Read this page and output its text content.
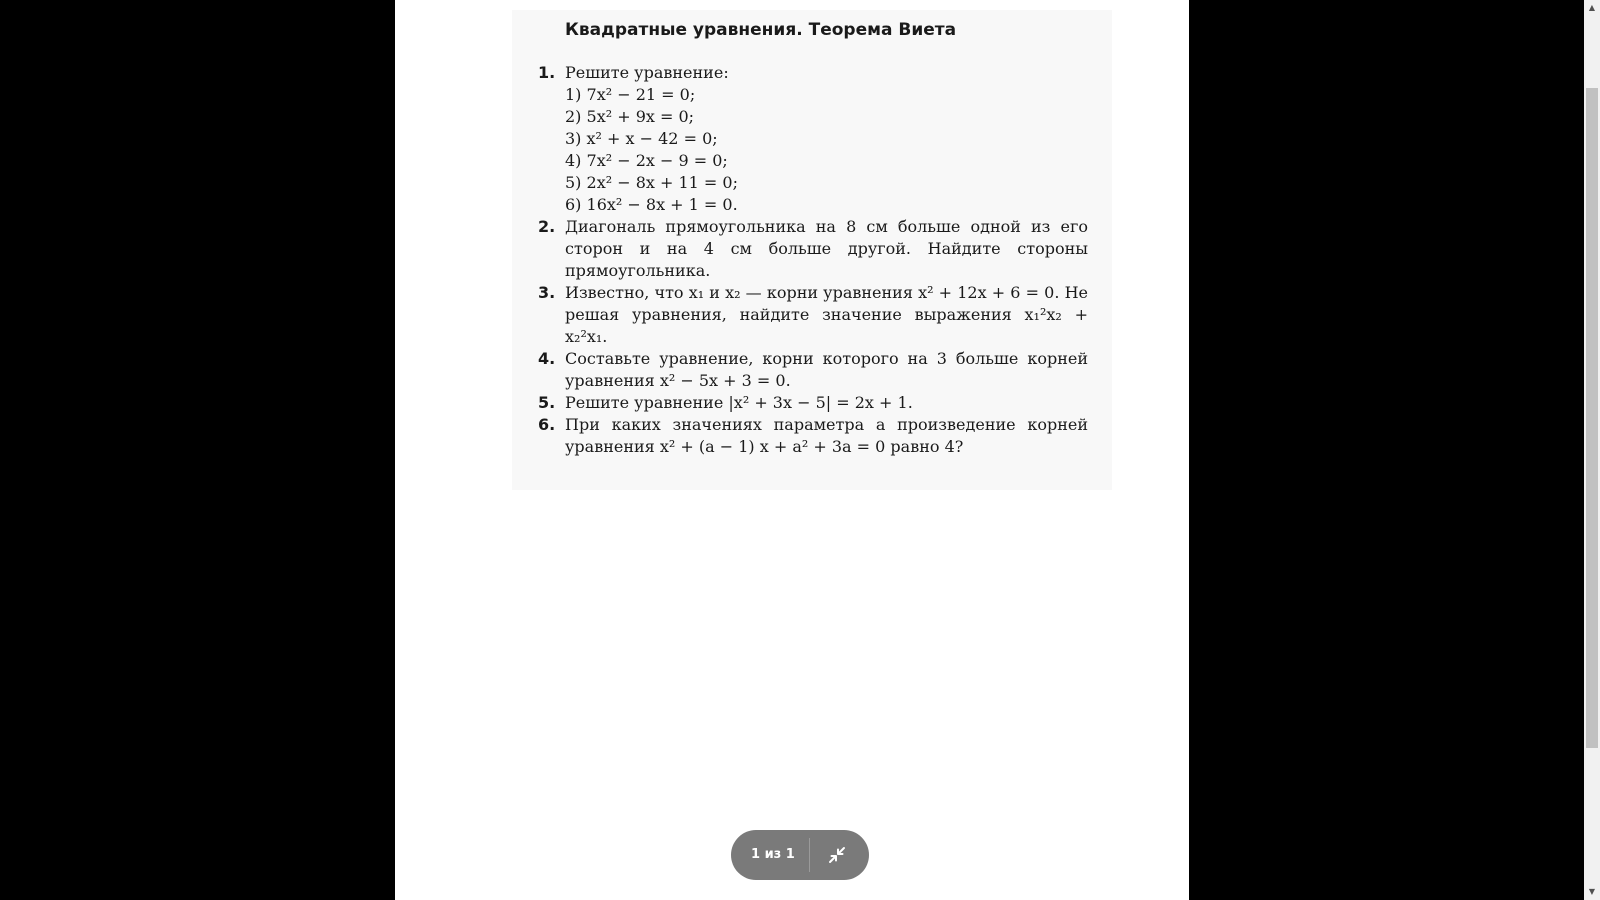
Квадратные уравнения. Теорема Виета
1. Решите уравнение:
1) 7x² − 21 = 0;
2) 5x² + 9x = 0;
3) x² + x − 42 = 0;
4) 7x² − 2x − 9 = 0;
5) 2x² − 8x + 11 = 0;
6) 16x² − 8x + 1 = 0.
2. Диагональ прямоугольника на 8 см больше одной из его сторон и на 4 см больше другой. Найдите стороны прямоугольника.
3. Известно, что x₁ и x₂ — корни уравнения x² + 12x + 6 = 0. Не решая уравнения, найдите значение выражения x₁²x₂ + x₂²x₁.
4. Составьте уравнение, корни которого на 3 больше корней уравнения x² − 5x + 3 = 0.
5. Решите уравнение |x² + 3x − 5| = 2x + 1.
6. При каких значениях параметра a произведение корней уравнения x² + (a − 1) x + a² + 3a = 0 равно 4?
1 из 1
▲
▼
